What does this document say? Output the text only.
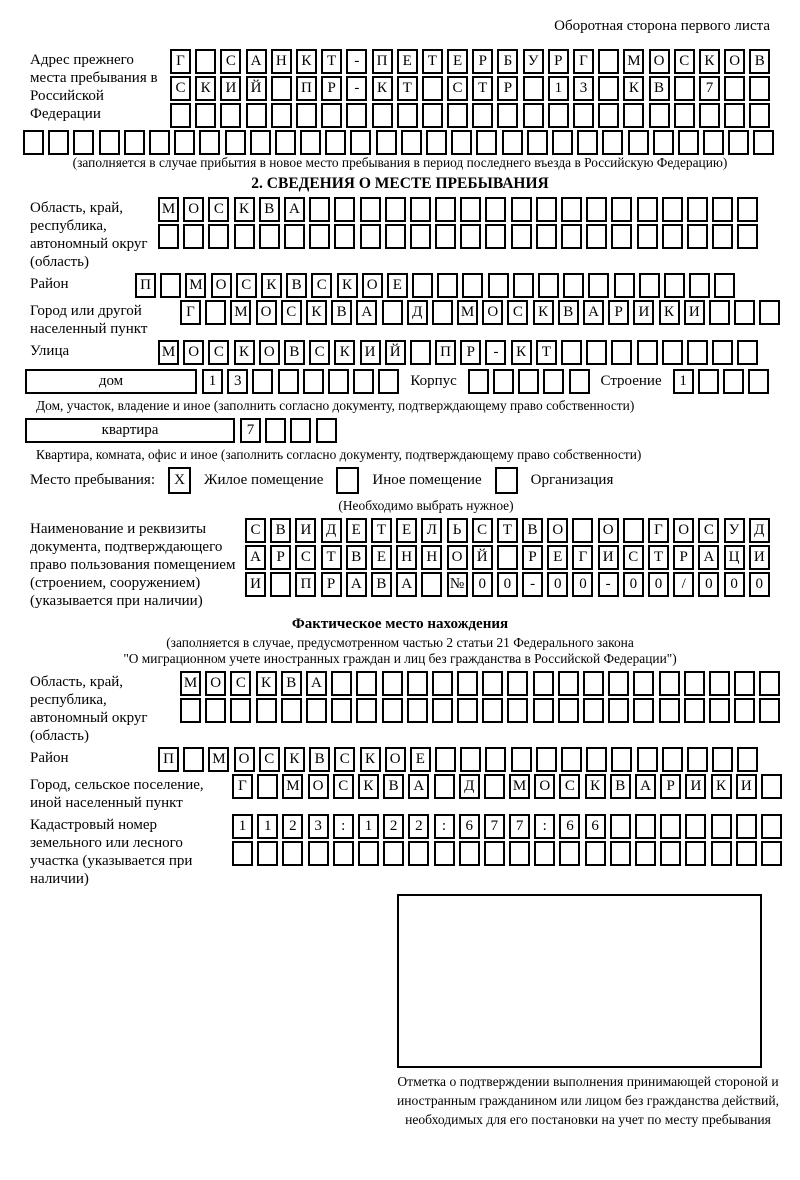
Оборотная сторона первого листа
Адрес прежнего места пребывания в Российской Федерации
Г	С А Н К	Т	-	П	Е	Т	Е	Р	Б	У	Р	Г	М О С	К О В
С	К И Й	П	Р	-	К	Т	С	Т	Р	1	3	К	В	7
(заполняется в случае прибытия в новое место пребывания в период последнего въезда в Российскую Федерацию)
2. СВЕДЕНИЯ О МЕСТЕ ПРЕБЫВАНИЯ
Область, край, республика, автономный округ (область)
М О С	К	В А
Район	П	М О С	К	В	С	К О	Е
Город или другой населенный пункт
Г	М О С	К	В А	Д	М О С	К	В А	Р	И К И
Улица	М О С	К О В	С	К И Й	П	Р	-	К	Т
дом	1	3	Корпус	Строение	1
Дом, участок, владение и иное (заполнить согласно документу, подтверждающему право собственности)
квартира	7
Квартира, комната, офис и иное (заполнить согласно документу, подтверждающему право собственности)
Место пребывания:	X	Жилое помещение	Иное помещение	Организация
(Необходимо выбрать нужное)
Наименование и реквизиты документа, подтверждающего право пользования помещением (строением, сооружением) (указывается при наличии)
С	В И Д	Е	Т	Е	Л	Ь	С	Т	В О	О	Г	О С У Д
А	Р	С	Т	В	Е	Н Н О Й	Р	Е	Г	И С	Т	Р	А Ц И
И	П	Р	А В А	№ 0	0	-	0	0	-	0	0	/	0	0	0
Фактическое место нахождения
(заполняется в случае, предусмотренном частью 2 статьи 21 Федерального закона
"О миграционном учете иностранных граждан и лиц без гражданства в Российской Федерации")
Область, край, республика, автономный округ (область)
М О С	К	В А
Район	П	М О С	К	В	С	К О	Е
Город, сельское поселение, иной населенный пункт
Г	М О С	К	В А	Д	М О С	К	В А	Р	И К И
Кадастровый номер земельного или лесного участка (указывается при наличии)
1	1	2	3	:	1	2	2	:	6	7	7	:	6	6
Отметка о подтверждении выполнения принимающей стороной и иностранным гражданином или лицом без гражданства действий, необходимых для его постановки на учет по месту пребывания
